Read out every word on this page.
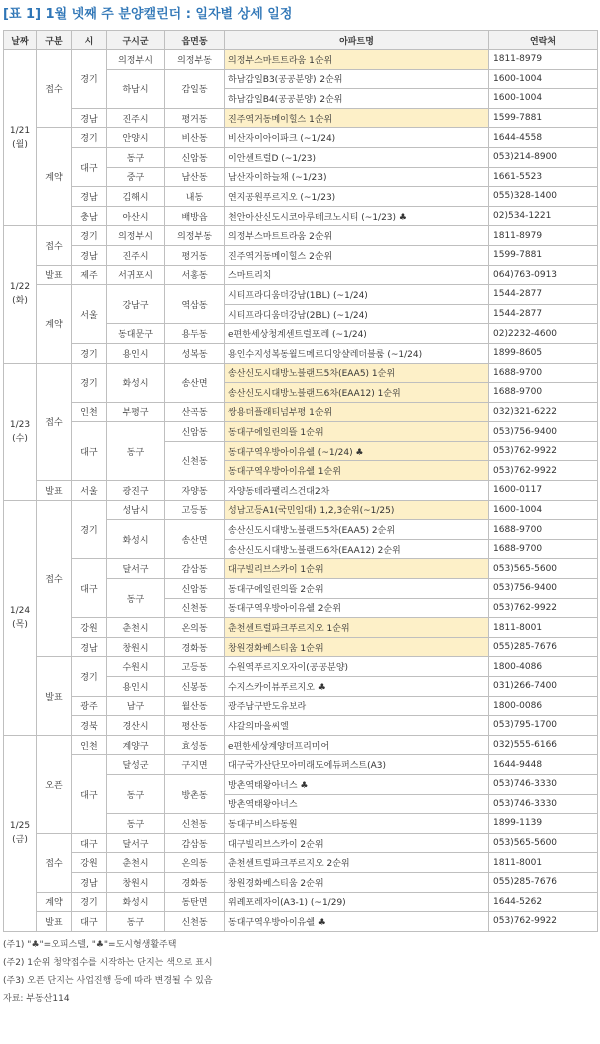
[표 1] 1월 넷째 주 분양캘린더 : 일자별 상세 일정
날짜	구분	시	구시군	읍면동	아파트명	연락처
1/21
(월)	접수	경기	의정부시	의정부동	의정부스마트트라움 1순위	1811-8979
			하남시	감일동	하남감일B3(공공분양) 2순위	1600-1004
					하남감일B4(공공분양) 2순위	1600-1004
		경남	진주시	평거동	진주역거동메이힐스 1순위	1599-7881
	계약	경기	안양시	비산동	비산자이아이파크 (~1/24)	1644-4558
		대구	동구	신암동	이안센트럴D (~1/23)	053)214-8900
			중구	남산동	남산자이하늘채 (~1/23)	1661-5523
		경남	김해시	내동	연지공원푸르지오 (~1/23)	055)328-1400
		충남	아산시	배방읍	천안아산신도시코아루테크노시티 (~1/23) ♣	02)534-1221
1/22
(화)	접수	경기	의정부시	의정부동	의정부스마트트라움 2순위	1811-8979
		경남	진주시	평거동	진주역거동메이힐스 2순위	1599-7881
	발표	제주	서귀포시	서홍동	스마트리치	064)763-0913
	계약	서울	강남구	역삼동	시티프라디움더강남(1BL) (~1/24)	1544-2877
					시티프라디움더강남(2BL) (~1/24)	1544-2877
			동대문구	용두동	e편한세상청계센트럴포레 (~1/24)	02)2232-4600
		경기	용인시	성복동	용인수지성복동월드메르디앙샬레더블룸 (~1/24)	1899-8605
1/23
(수)	접수	경기	화성시	송산면	송산신도시대방노블랜드5차(EAA5) 1순위	1688-9700
					송산신도시대방노블랜드6차(EAA12) 1순위	1688-9700
		인천	부평구	산곡동	쌍용더플래티넘부평 1순위	032)321-6222
		대구	동구	신암동	동대구에일린의뜰 1순위	053)756-9400
				신천동	동대구역우방아이유쉘 (~1/24) ♣	053)762-9922
					동대구역우방아이유쉘 1순위	053)762-9922
	발표	서울	광진구	자양동	자양동테라팰리스건대2차	1600-0117
1/24
(목)	접수	경기	성남시	고등동	성남고등A1(국민임대) 1,2,3순위(~1/25)	1600-1004
			화성시	송산면	송산신도시대방노블랜드5차(EAA5) 2순위	1688-9700
					송산신도시대방노블랜드6차(EAA12) 2순위	1688-9700
		대구	달서구	감삼동	대구빌리브스카이 1순위	053)565-5600
			동구	신암동	동대구에일린의뜰 2순위	053)756-9400
				신천동	동대구역우방아이유쉘 2순위	053)762-9922
		강원	춘천시	온의동	춘천센트럴파크푸르지오 1순위	1811-8001
		경남	창원시	경화동	창원경화베스티움 1순위	055)285-7676
	발표	경기	수원시	고등동	수원역푸르지오자이(공공분양)	1800-4086
			용인시	신봉동	수지스카이뷰푸르지오 ♣	031)266-7400
		광주	남구	월산동	광주남구반도유보라	1800-0086
		경북	경산시	평산동	샤갈의마을씨엘	053)795-1700
1/25
(금)	오픈	인천	계양구	효성동	e편한세상계양더프리미어	032)555-6166
		대구	달성군	구지면	대구국가산단모아미래도에듀퍼스트(A3)	1644-9448
			동구	방촌동	방촌역태왕아너스 ♣	053)746-3330
					방촌역태왕아너스	053)746-3330
			동구	신천동	동대구비스타동원	1899-1139
	접수	대구	달서구	감삼동	대구빌리브스카이 2순위	053)565-5600
		강원	춘천시	온의동	춘천센트럴파크푸르지오 2순위	1811-8001
		경남	창원시	경화동	창원경화베스티움 2순위	055)285-7676
	계약	경기	화성시	동탄면	위례포레자이(A3-1) (~1/29)	1644-5262
	발표	대구	동구	신천동	동대구역우방아이유쉘 ♣	053)762-9922
(주1) "♣"=오피스텔, "♣"=도시형생활주택
(주2) 1순위 청약접수를 시작하는 단지는 색으로 표시
(주3) 오픈 단지는 사업진행 등에 따라 변경될 수 있음
자료: 부동산114
